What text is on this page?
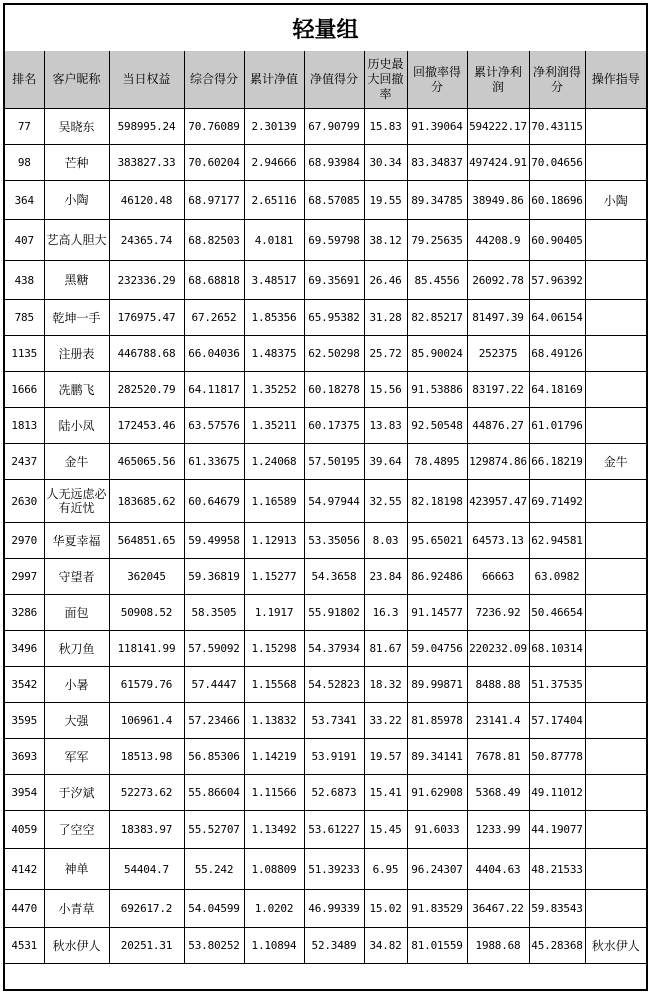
轻量组
排名	客户昵称	当日权益	综合得分	累计净值	净值得分	历史最大回撤率	回撤率得分	累计净利润	净利润得分	操作指导
77	吴晓东	598995.24	70.76089	2.30139	67.90799	15.83	91.39064	594222.17	70.43115	
98	芒种	383827.33	70.60204	2.94666	68.93984	30.34	83.34837	497424.91	70.04656	
364	小陶	46120.48	68.97177	2.65116	68.57085	19.55	89.34785	38949.86	60.18696	小陶
407	艺高人胆大	24365.74	68.82503	4.0181	69.59798	38.12	79.25635	44208.9	60.90405	
438	黑糖	232336.29	68.68818	3.48517	69.35691	26.46	85.4556	26092.78	57.96392	
785	乾坤一手	176975.47	67.2652	1.85356	65.95382	31.28	82.85217	81497.39	64.06154	
1135	注册表	446788.68	66.04036	1.48375	62.50298	25.72	85.90024	252375	68.49126	
1666	冼鹏飞	282520.79	64.11817	1.35252	60.18278	15.56	91.53886	83197.22	64.18169	
1813	陆小凤	172453.46	63.57576	1.35211	60.17375	13.83	92.50548	44876.27	61.01796	
2437	金牛	465065.56	61.33675	1.24068	57.50195	39.64	78.4895	129874.86	66.18219	金牛
2630	人无远虑必有近忧	183685.62	60.64679	1.16589	54.97944	32.55	82.18198	423957.47	69.71492	
2970	华夏幸福	564851.65	59.49958	1.12913	53.35056	8.03	95.65021	64573.13	62.94581	
2997	守望者	362045	59.36819	1.15277	54.3658	23.84	86.92486	66663	63.0982	
3286	面包	50908.52	58.3505	1.1917	55.91802	16.3	91.14577	7236.92	50.46654	
3496	秋刀鱼	118141.99	57.59092	1.15298	54.37934	81.67	59.04756	220232.09	68.10314	
3542	小暑	61579.76	57.4447	1.15568	54.52823	18.32	89.99871	8488.88	51.37535	
3595	大强	106961.4	57.23466	1.13832	53.7341	33.22	81.85978	23141.4	57.17404	
3693	军军	18513.98	56.85306	1.14219	53.9191	19.57	89.34141	7678.81	50.87778	
3954	于汐斌	52273.62	55.86604	1.11566	52.6873	15.41	91.62908	5368.49	49.11012	
4059	了空空	18383.97	55.52707	1.13492	53.61227	15.45	91.6033	1233.99	44.19077	
4142	神单	54404.7	55.242	1.08809	51.39233	6.95	96.24307	4404.63	48.21533	
4470	小青草	692617.2	54.04599	1.0202	46.99339	15.02	91.83529	36467.22	59.83543	
4531	秋水伊人	20251.31	53.80252	1.10894	52.3489	34.82	81.01559	1988.68	45.28368	秋水伊人
